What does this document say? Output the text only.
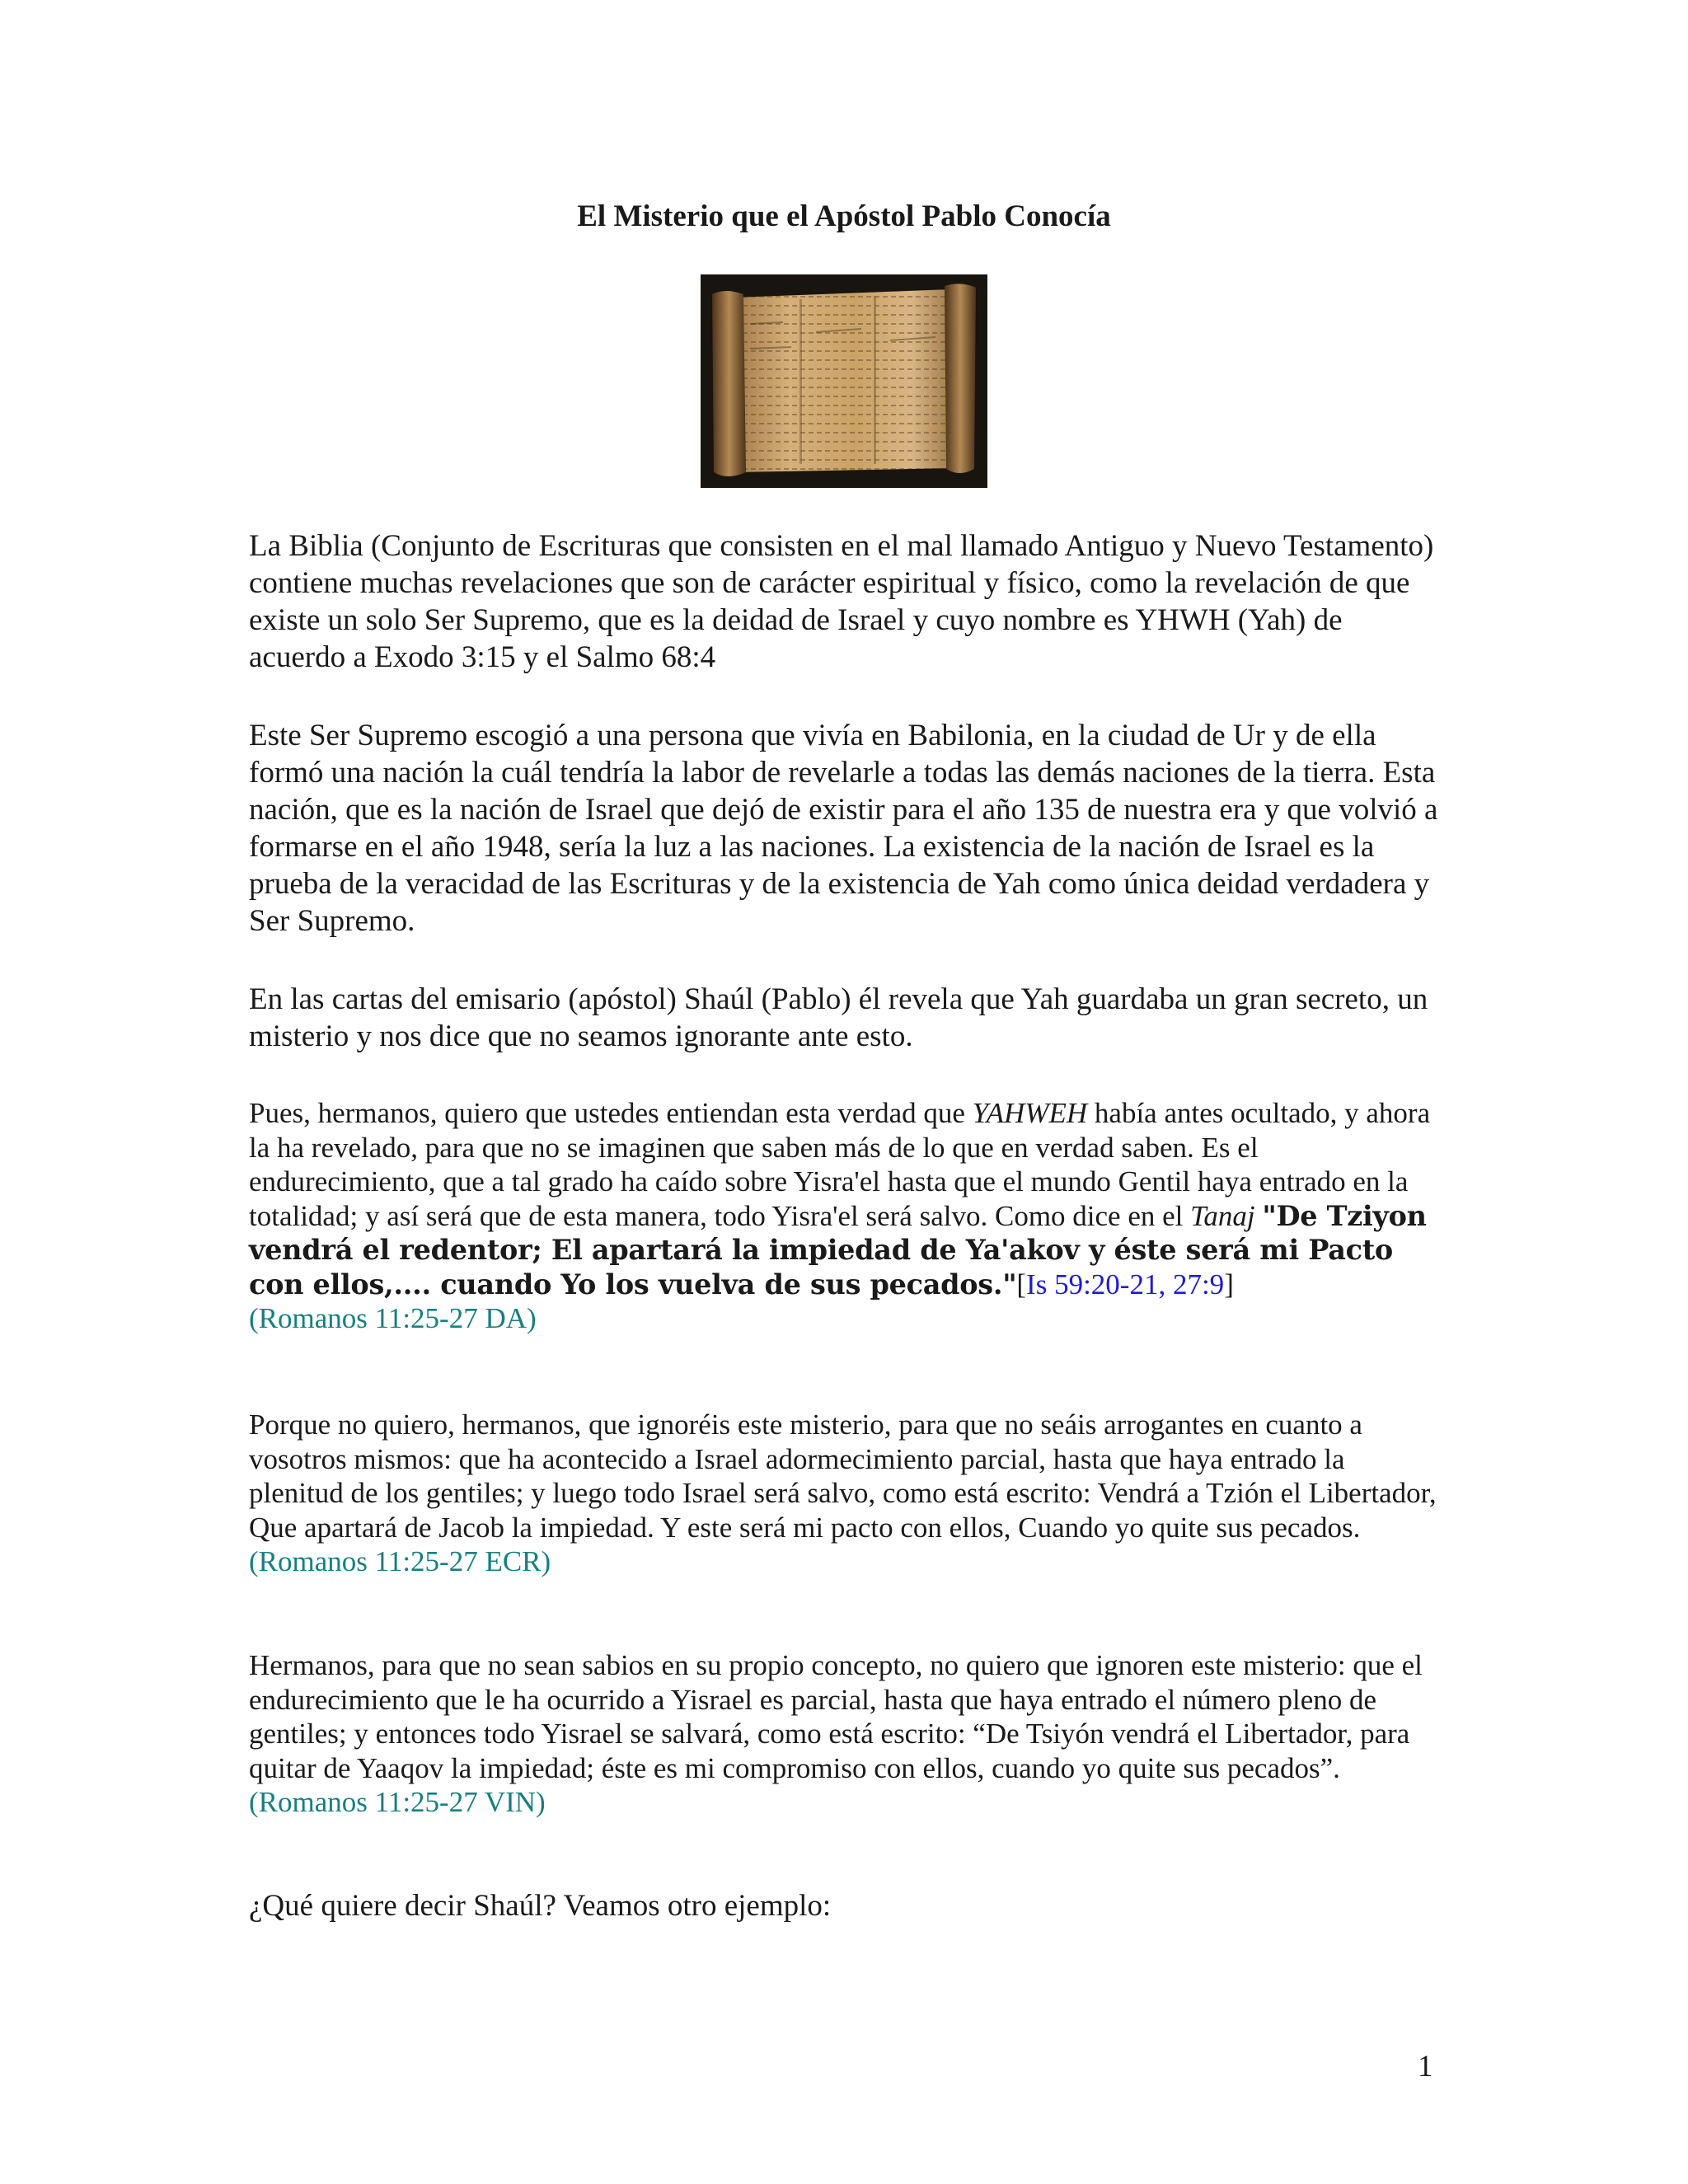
El Misterio que el Apóstol Pablo Conocía

La Biblia (Conjunto de Escrituras que consisten en el mal llamado Antiguo y Nuevo Testamento) contiene muchas revelaciones que son de carácter espiritual y físico, como la revelación de que existe un solo Ser Supremo, que es la deidad de Israel y cuyo nombre es YHWH (Yah) de acuerdo a Exodo 3:15 y el Salmo 68:4

Este Ser Supremo escogió a una persona que vivía en Babilonia, en la ciudad de Ur y de ella formó una nación la cuál tendría la labor de revelarle a todas las demás naciones de la tierra. Esta nación, que es la nación de Israel que dejó de existir para el año 135 de nuestra era y que volvió a formarse en el año 1948, sería la luz a las naciones. La existencia de la nación de Israel es la prueba de la veracidad de las Escrituras y de la existencia de Yah como única deidad verdadera y Ser Supremo.

En las cartas del emisario (apóstol) Shaúl (Pablo) él revela que Yah guardaba un gran secreto, un misterio y nos dice que no seamos ignorante ante esto.

Pues, hermanos, quiero que ustedes entiendan esta verdad que YAHWEH había antes ocultado, y ahora la ha revelado, para que no se imaginen que saben más de lo que en verdad saben. Es el endurecimiento, que a tal grado ha caído sobre Yisra'el hasta que el mundo Gentil haya entrado en la totalidad; y así será que de esta manera, todo Yisra'el será salvo. Como dice en el Tanaj "De Tziyon vendrá el redentor; El apartará la impiedad de Ya'akov y éste será mi Pacto con ellos,.... cuando Yo los vuelva de sus pecados."[Is 59:20-21, 27:9]
(Romanos 11:25-27 DA)

Porque no quiero, hermanos, que ignoréis este misterio, para que no seáis arrogantes en cuanto a vosotros mismos: que ha acontecido a Israel adormecimiento parcial, hasta que haya entrado la plenitud de los gentiles; y luego todo Israel será salvo, como está escrito: Vendrá a Tzión el Libertador, Que apartará de Jacob la impiedad. Y este será mi pacto con ellos, Cuando yo quite sus pecados.
(Romanos 11:25-27 ECR)

Hermanos, para que no sean sabios en su propio concepto, no quiero que ignoren este misterio: que el endurecimiento que le ha ocurrido a Yisrael es parcial, hasta que haya entrado el número pleno de gentiles; y entonces todo Yisrael se salvará, como está escrito: “De Tsiyón vendrá el Libertador, para quitar de Yaaqov la impiedad; éste es mi compromiso con ellos, cuando yo quite sus pecados”.
(Romanos 11:25-27 VIN)

¿Qué quiere decir Shaúl? Veamos otro ejemplo:

1
